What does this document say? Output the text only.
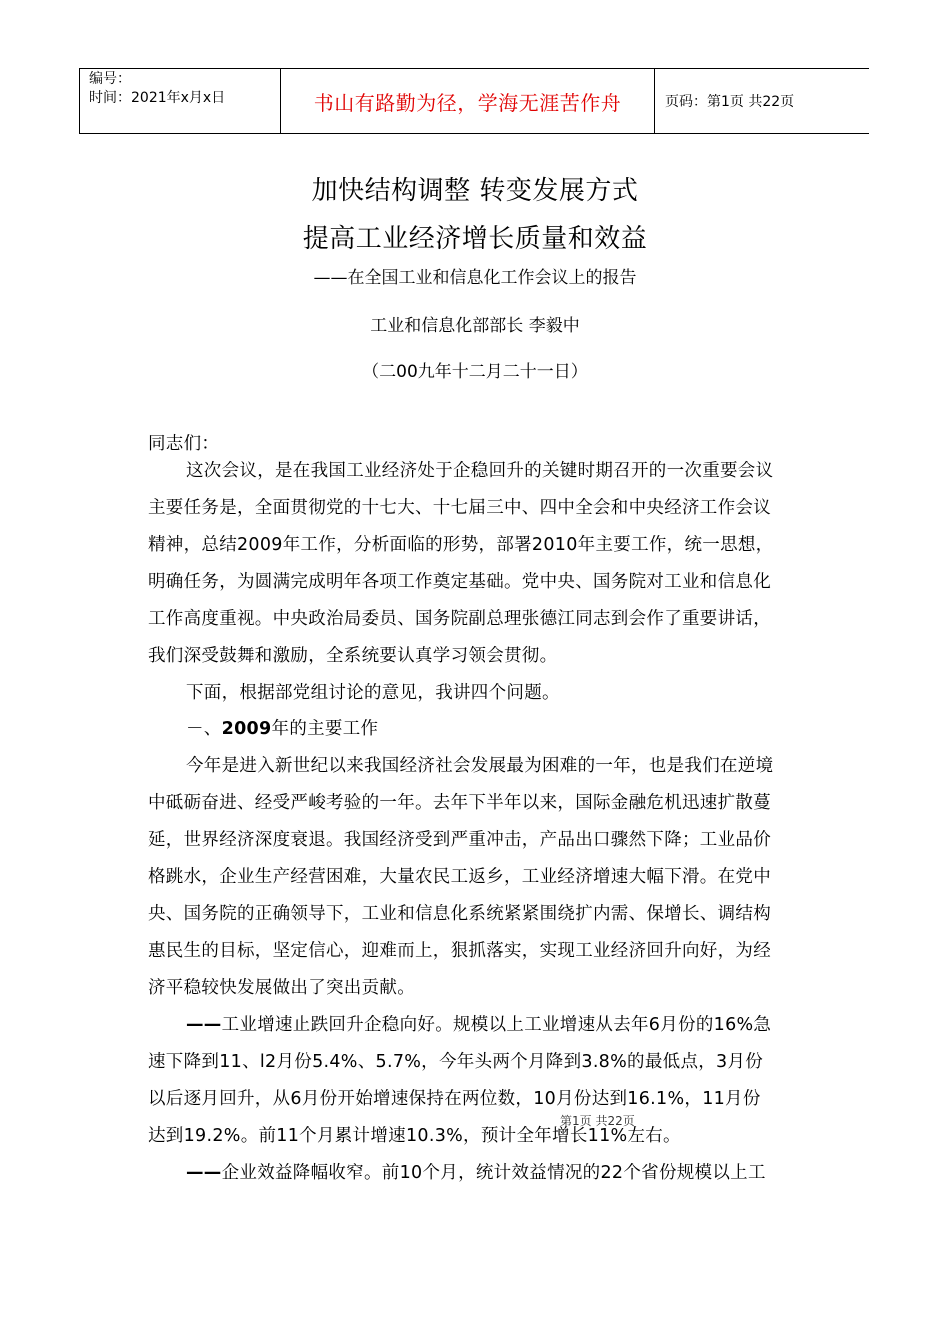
编号：
时间：2021年x月x日	书山有路勤为径，学海无涯苦作舟	页码：第1页 共22页
加快结构调整 转变发展方式
提高工业经济增长质量和效益
——在全国工业和信息化工作会议上的报告
工业和信息化部部长 李毅中
（二00九年十二月二十一日）
同志们：
这次会议，是在我国工业经济处于企稳回升的关键时期召开的一次重要会议
主要任务是，全面贯彻党的十七大、十七届三中、四中全会和中央经济工作会议
精神，总结2009年工作，分析面临的形势，部署2010年主要工作，统一思想，
明确任务，为圆满完成明年各项工作奠定基础。党中央、国务院对工业和信息化
工作高度重视。中央政治局委员、国务院副总理张德江同志到会作了重要讲话，
我们深受鼓舞和激励，全系统要认真学习领会贯彻。
下面，根据部党组讨论的意见，我讲四个问题。
－、2009年的主要工作
今年是进入新世纪以来我国经济社会发展最为困难的一年，也是我们在逆境
中砥砺奋进、经受严峻考验的一年。去年下半年以来，国际金融危机迅速扩散蔓
延，世界经济深度衰退。我国经济受到严重冲击，产品出口骤然下降；工业品价
格跳水，企业生产经营困难，大量农民工返乡，工业经济增速大幅下滑。在党中
央、国务院的正确领导下，工业和信息化系统紧紧围绕扩内需、保增长、调结构
惠民生的目标，坚定信心，迎难而上，狠抓落实，实现工业经济回升向好，为经
济平稳较快发展做出了突出贡献。
——工业增速止跌回升企稳向好。规模以上工业增速从去年6月份的16%急
速下降到11、l2月份5.4%、5.7%，今年头两个月降到3.8%的最低点，3月份
以后逐月回升，从6月份开始增速保持在两位数，10月份达到16.1%，11月份
达到19.2%。前11个月累计增速10.3%，预计全年增长11%左右。
——企业效益降幅收窄。前10个月，统计效益情况的22个省份规模以上工
第1页 共22页
